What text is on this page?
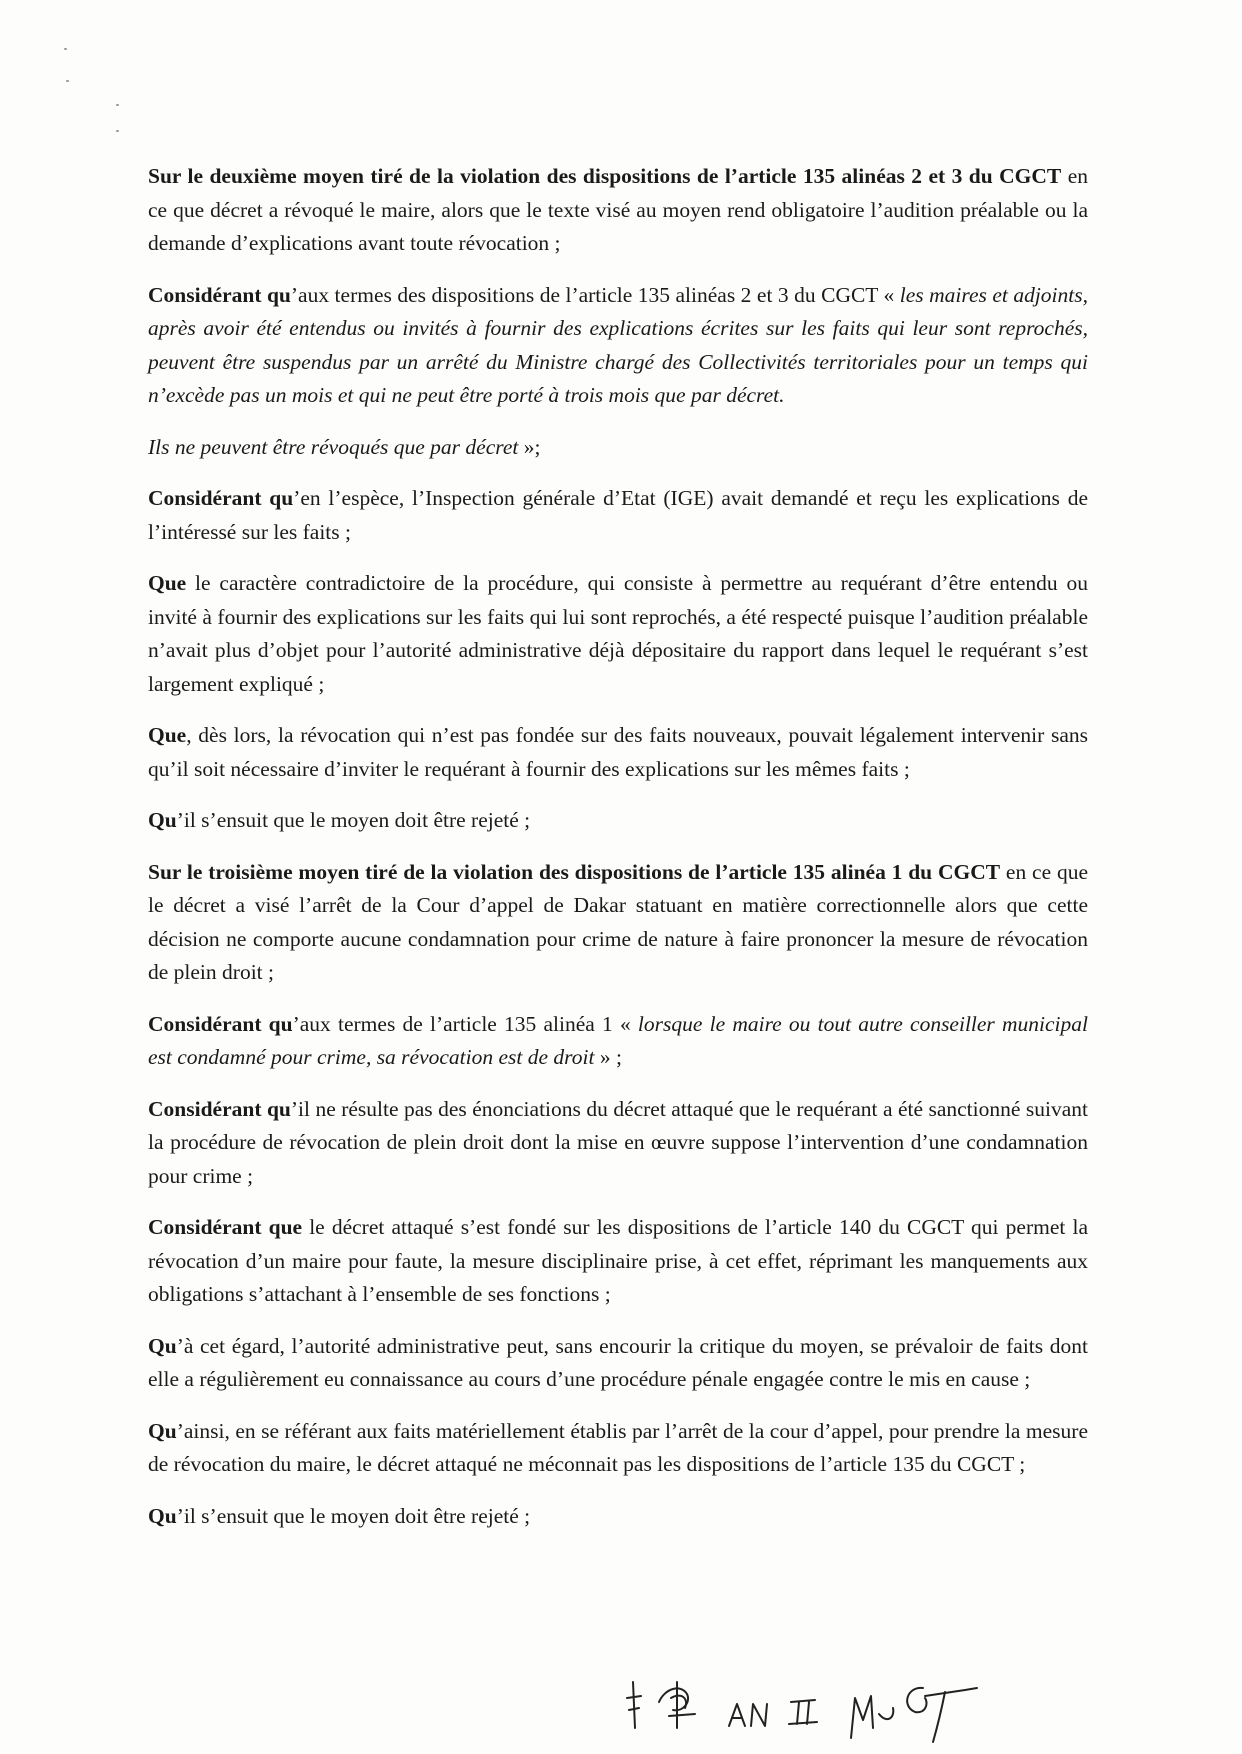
Sur le deuxième moyen tiré de la violation des dispositions de l’article 135 alinéas 2 et 3 du CGCT en ce que décret a révoqué le maire, alors que le texte visé au moyen rend obligatoire l’audition préalable ou la demande d’explications avant toute révocation ;

Considérant qu’aux termes des dispositions de l’article 135 alinéas 2 et 3 du CGCT « les maires et adjoints, après avoir été entendus ou invités à fournir des explications écrites sur les faits qui leur sont reprochés, peuvent être suspendus par un arrêté du Ministre chargé des Collectivités territoriales pour un temps qui n’excède pas un mois et qui ne peut être porté à trois mois que par décret.

Ils ne peuvent être révoqués que par décret »;

Considérant qu’en l’espèce, l’Inspection générale d’Etat (IGE) avait demandé et reçu les explications de l’intéressé sur les faits ;

Que le caractère contradictoire de la procédure, qui consiste à permettre au requérant d’être entendu ou invité à fournir des explications sur les faits qui lui sont reprochés, a été respecté puisque l’audition préalable n’avait plus d’objet pour l’autorité administrative déjà dépositaire du rapport dans lequel le requérant s’est largement expliqué ;

Que, dès lors, la révocation qui n’est pas fondée sur des faits nouveaux, pouvait légalement intervenir sans qu’il soit nécessaire d’inviter le requérant à fournir des explications sur les mêmes faits ;

Qu’il s’ensuit que le moyen doit être rejeté ;

Sur le troisième moyen tiré de la violation des dispositions de l’article 135 alinéa 1 du CGCT en ce que le décret a visé l’arrêt de la Cour d’appel de Dakar statuant en matière correctionnelle alors que cette décision ne comporte aucune condamnation pour crime de nature à faire prononcer la mesure de révocation de plein droit ;

Considérant qu’aux termes de l’article 135 alinéa 1 « lorsque le maire ou tout autre conseiller municipal est condamné pour crime, sa révocation est de droit » ;

Considérant qu’il ne résulte pas des énonciations du décret attaqué que le requérant a été sanctionné suivant la procédure de révocation de plein droit dont la mise en œuvre suppose l’intervention d’une condamnation pour crime ;

Considérant que le décret attaqué s’est fondé sur les dispositions de l’article 140 du CGCT qui permet la révocation d’un maire pour faute, la mesure disciplinaire prise, à cet effet, réprimant les manquements aux obligations s’attachant à l’ensemble de ses fonctions ;

Qu’à cet égard, l’autorité administrative peut, sans encourir la critique du moyen, se prévaloir de faits dont elle a régulièrement eu connaissance au cours d’une procédure pénale engagée contre le mis en cause ;

Qu’ainsi, en se référant aux faits matériellement établis par l’arrêt de la cour d’appel, pour prendre la mesure de révocation du maire, le décret attaqué ne méconnait pas les dispositions de l’article 135 du CGCT ;

Qu’il s’ensuit que le moyen doit être rejeté ;
